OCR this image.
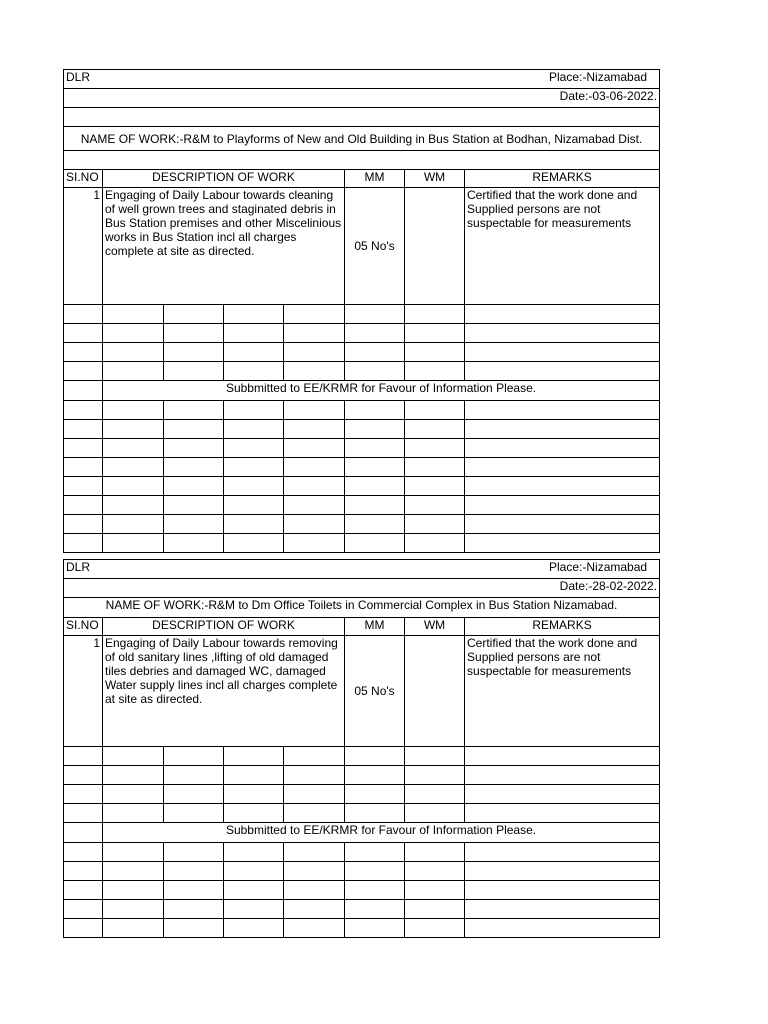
DLR		Place:-Nizamabad					

Date:-03-06-2022.							

NAME OF WORK:-R&M to Playforms of New and Old Building in Bus Station at Bodhan, Nizamabad Dist.							

SI.NO	DESCRIPTION OF WORK				MM	WM	REMARKS
1	Engaging of Daily Labour towards cleaning of well grown trees and staginated debris in Bus Station premises and other Miscelinious works in Bus Station incl all charges complete at site as directed.				05 No's		Certified that the work done and Supplied persons are not suspectable for measurements

	Subbmitted to EE/KRMR for Favour of Information Please.						

DLR		Place:-Nizamabad					

Date:-28-02-2022.							
NAME OF WORK:-R&M to Dm Office Toilets in Commercial Complex in Bus Station Nizamabad.							
SI.NO	DESCRIPTION OF WORK				MM	WM	REMARKS
1	Engaging of Daily Labour towards removing of old sanitary lines ,lifting of old damaged tiles debries and damaged WC, damaged Water supply lines incl all charges complete at site as directed.				05 No's		Certified that the work done and Supplied persons are not suspectable for measurements

	Subbmitted to EE/KRMR for Favour of Information Please.						
